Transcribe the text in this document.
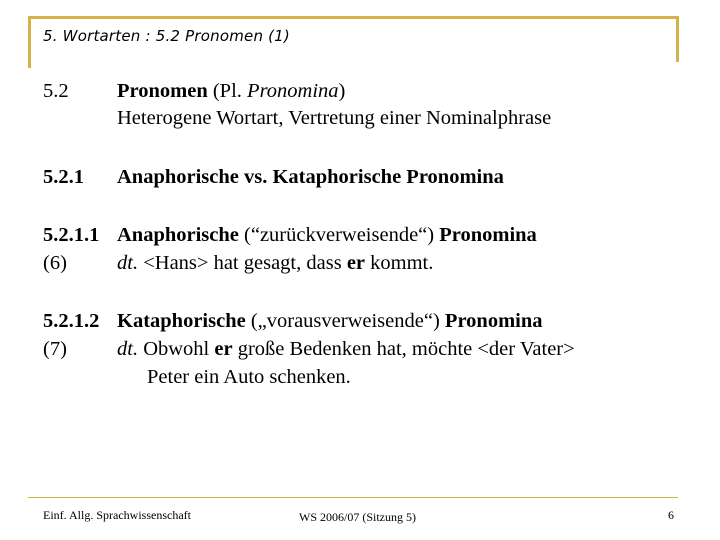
5. Wortarten : 5.2 Pronomen (1)
5.2 Pronomen (Pl. Pronomina)
Heterogene Wortart, Vertretung einer Nominalphrase
5.2.1 Anaphorische vs. Kataphorische Pronomina
5.2.1.1 Anaphorische (“zurückverweisende“) Pronomina
(6) dt. <Hans> hat gesagt, dass er kommt.
5.2.1.2 Kataphorische („vorausverweisende“) Pronomina
(7) dt. Obwohl er große Bedenken hat, möchte <der Vater>
Peter ein Auto schenken.
Einf. Allg. Sprachwissenschaft	WS 2006/07 (Sitzung 5)	6
